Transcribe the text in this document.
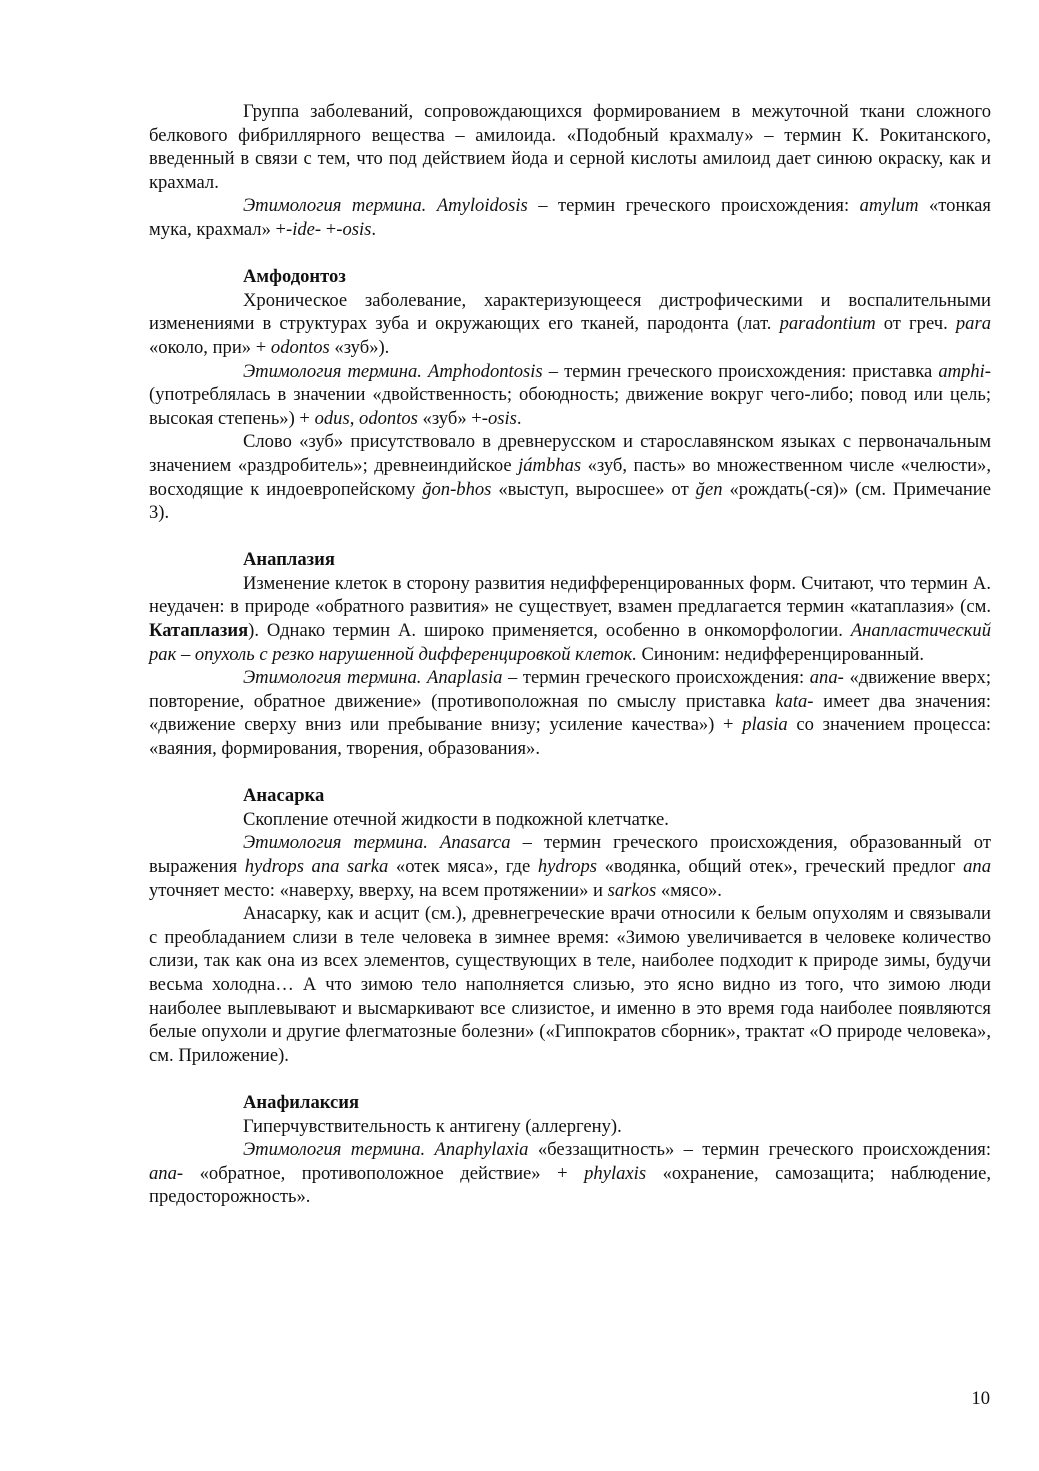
Группа заболеваний, сопровождающихся формированием в межуточной ткани сложного белкового фибриллярного вещества – амилоида. «Подобный крахмалу» – термин К. Рокитанского, введенный в связи с тем, что под действием йода и серной кислоты амилоид дает синюю окраску, как и крахмал.

Этимология термина. Amyloidosis – термин греческого происхождения: amylum «тонкая мука, крахмал» +-ide- +-osis.

Амфодонтоз

Хроническое заболевание, характеризующееся дистрофическими и воспалительными изменениями в структурах зуба и окружающих его тканей, пародонта (лат. paradontium от греч. para «около, при» + odontos «зуб»).

Этимология термина. Amphodontosis – термин греческого происхождения: приставка amphi- (употреблялась в значении «двойственность; обоюдность; движение вокруг чего-либо; повод или цель; высокая степень») + odus, odontos «зуб» +-osis.

Слово «зуб» присутствовало в древнерусском и старославянском языках с первоначальным значением «раздробитель»; древнеиндийское jámbhas «зуб, пасть» во множественном числе «челюсти», восходящие к индоевропейскому ğon-bhos «выступ, выросшее» от ğen «рождать(-ся)» (см. Примечание 3).

Анаплазия

Изменение клеток в сторону развития недифференцированных форм. Считают, что термин А. неудачен: в природе «обратного развития» не существует, взамен предлагается термин «катаплазия» (см. Катаплазия). Однако термин А. широко применяется, особенно в онкоморфологии. Анапластический рак – опухоль с резко нарушенной дифференцировкой клеток. Синоним: недифференцированный.

Этимология термина. Anaplasia – термин греческого происхождения: ana- «движение вверх; повторение, обратное движение» (противоположная по смыслу приставка kata- имеет два значения: «движение сверху вниз или пребывание внизу; усиление качества») + plasia со значением процесса: «ваяния, формирования, творения, образования».

Анасарка

Скопление отечной жидкости в подкожной клетчатке.

Этимология термина. Anasarca – термин греческого происхождения, образованный от выражения hydrops ana sarka «отек мяса», где hydrops «водянка, общий отек», греческий предлог ana уточняет место: «наверху, вверху, на всем протяжении» и sarkos «мясо».

Анасарку, как и асцит (см.), древнегреческие врачи относили к белым опухолям и связывали с преобладанием слизи в теле человека в зимнее время: «Зимою увеличивается в человеке количество слизи, так как она из всех элементов, существующих в теле, наиболее подходит к природе зимы, будучи весьма холодна… А что зимою тело наполняется слизью, это ясно видно из того, что зимою люди наиболее выплевывают и высмаркивают все слизистое, и именно в это время года наиболее появляются белые опухоли и другие флегматозные болезни» («Гиппократов сборник», трактат «О природе человека», см. Приложение).

Анафилаксия

Гиперчувствительность к антигену (аллергену).

Этимология термина. Anaphylaxia «беззащитность» – термин греческого происхождения: ana- «обратное, противоположное действие» + phylaxis «охранение, самозащита; наблюдение, предосторожность».

10
